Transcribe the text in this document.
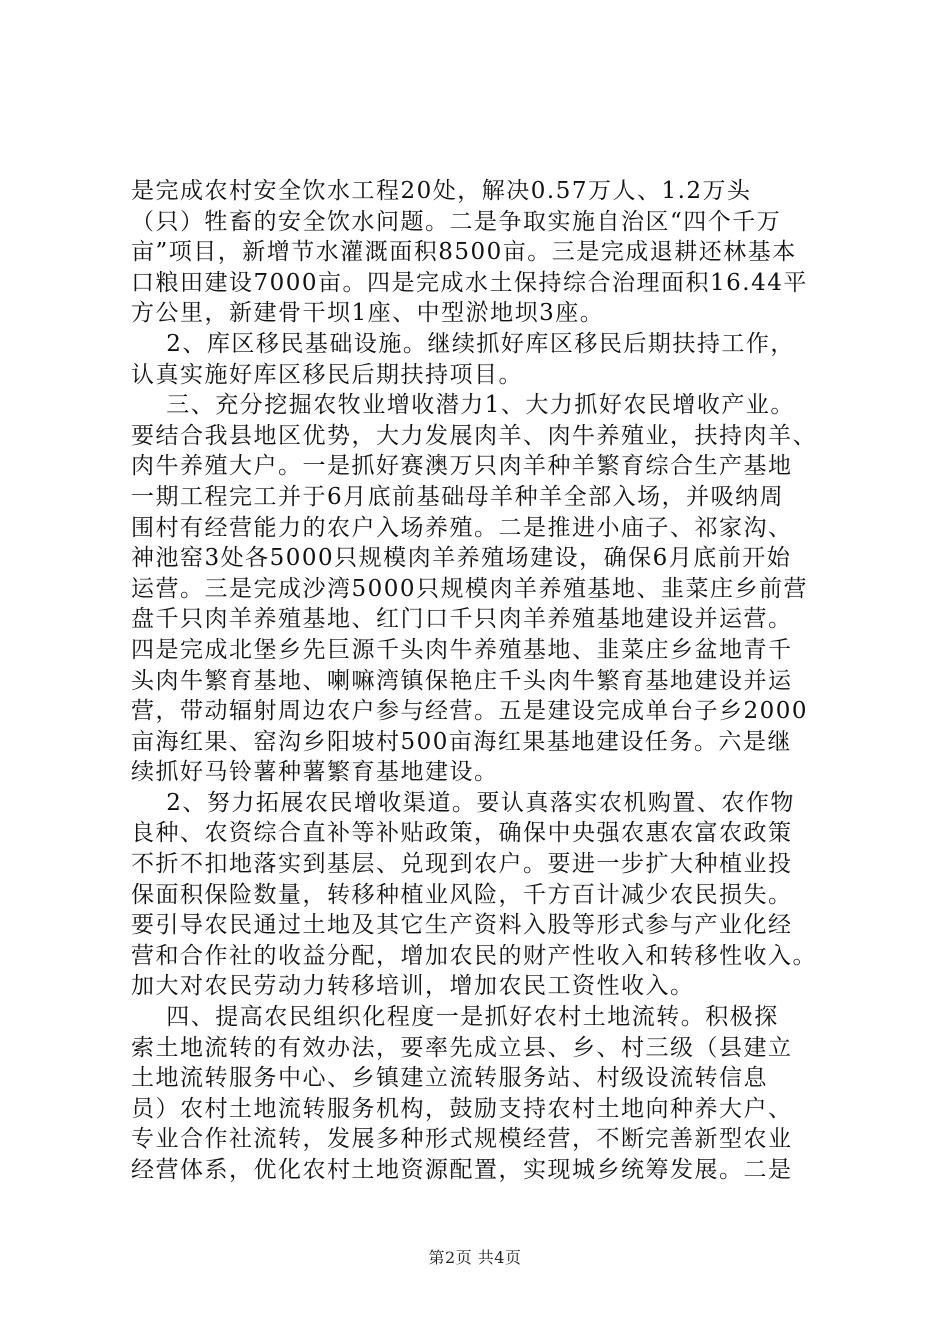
是完成农村安全饮水工程20处，解决0.57万人、1.2万头
（只）牲畜的安全饮水问题。二是争取实施自治区“四个千万
亩”项目，新增节水灌溉面积8500亩。三是完成退耕还林基本
口粮田建设7000亩。四是完成水土保持综合治理面积16.44平
方公里，新建骨干坝1座、中型淤地坝3座。
2、库区移民基础设施。继续抓好库区移民后期扶持工作，
认真实施好库区移民后期扶持项目。
三、充分挖掘农牧业增收潜力1、大力抓好农民增收产业。
要结合我县地区优势，大力发展肉羊、肉牛养殖业，扶持肉羊、
肉牛养殖大户。一是抓好赛澳万只肉羊种羊繁育综合生产基地
一期工程完工并于6月底前基础母羊种羊全部入场，并吸纳周
围村有经营能力的农户入场养殖。二是推进小庙子、祁家沟、
神池窑3处各5000只规模肉羊养殖场建设，确保6月底前开始
运营。三是完成沙湾5000只规模肉羊养殖基地、韭菜庄乡前营
盘千只肉羊养殖基地、红门口千只肉羊养殖基地建设并运营。
四是完成北堡乡先巨源千头肉牛养殖基地、韭菜庄乡盆地青千
头肉牛繁育基地、喇嘛湾镇保艳庄千头肉牛繁育基地建设并运
营，带动辐射周边农户参与经营。五是建设完成单台子乡2000
亩海红果、窑沟乡阳坡村500亩海红果基地建设任务。六是继
续抓好马铃薯种薯繁育基地建设。
2、努力拓展农民增收渠道。要认真落实农机购置、农作物
良种、农资综合直补等补贴政策，确保中央强农惠农富农政策
不折不扣地落实到基层、兑现到农户。要进一步扩大种植业投
保面积保险数量，转移种植业风险，千方百计减少农民损失。
要引导农民通过土地及其它生产资料入股等形式参与产业化经
营和合作社的收益分配，增加农民的财产性收入和转移性收入。
加大对农民劳动力转移培训，增加农民工资性收入。
四、提高农民组织化程度一是抓好农村土地流转。积极探
索土地流转的有效办法，要率先成立县、乡、村三级（县建立
土地流转服务中心、乡镇建立流转服务站、村级设流转信息
员）农村土地流转服务机构，鼓励支持农村土地向种养大户、
专业合作社流转，发展多种形式规模经营，不断完善新型农业
经营体系，优化农村土地资源配置，实现城乡统筹发展。二是
第2页 共4页
